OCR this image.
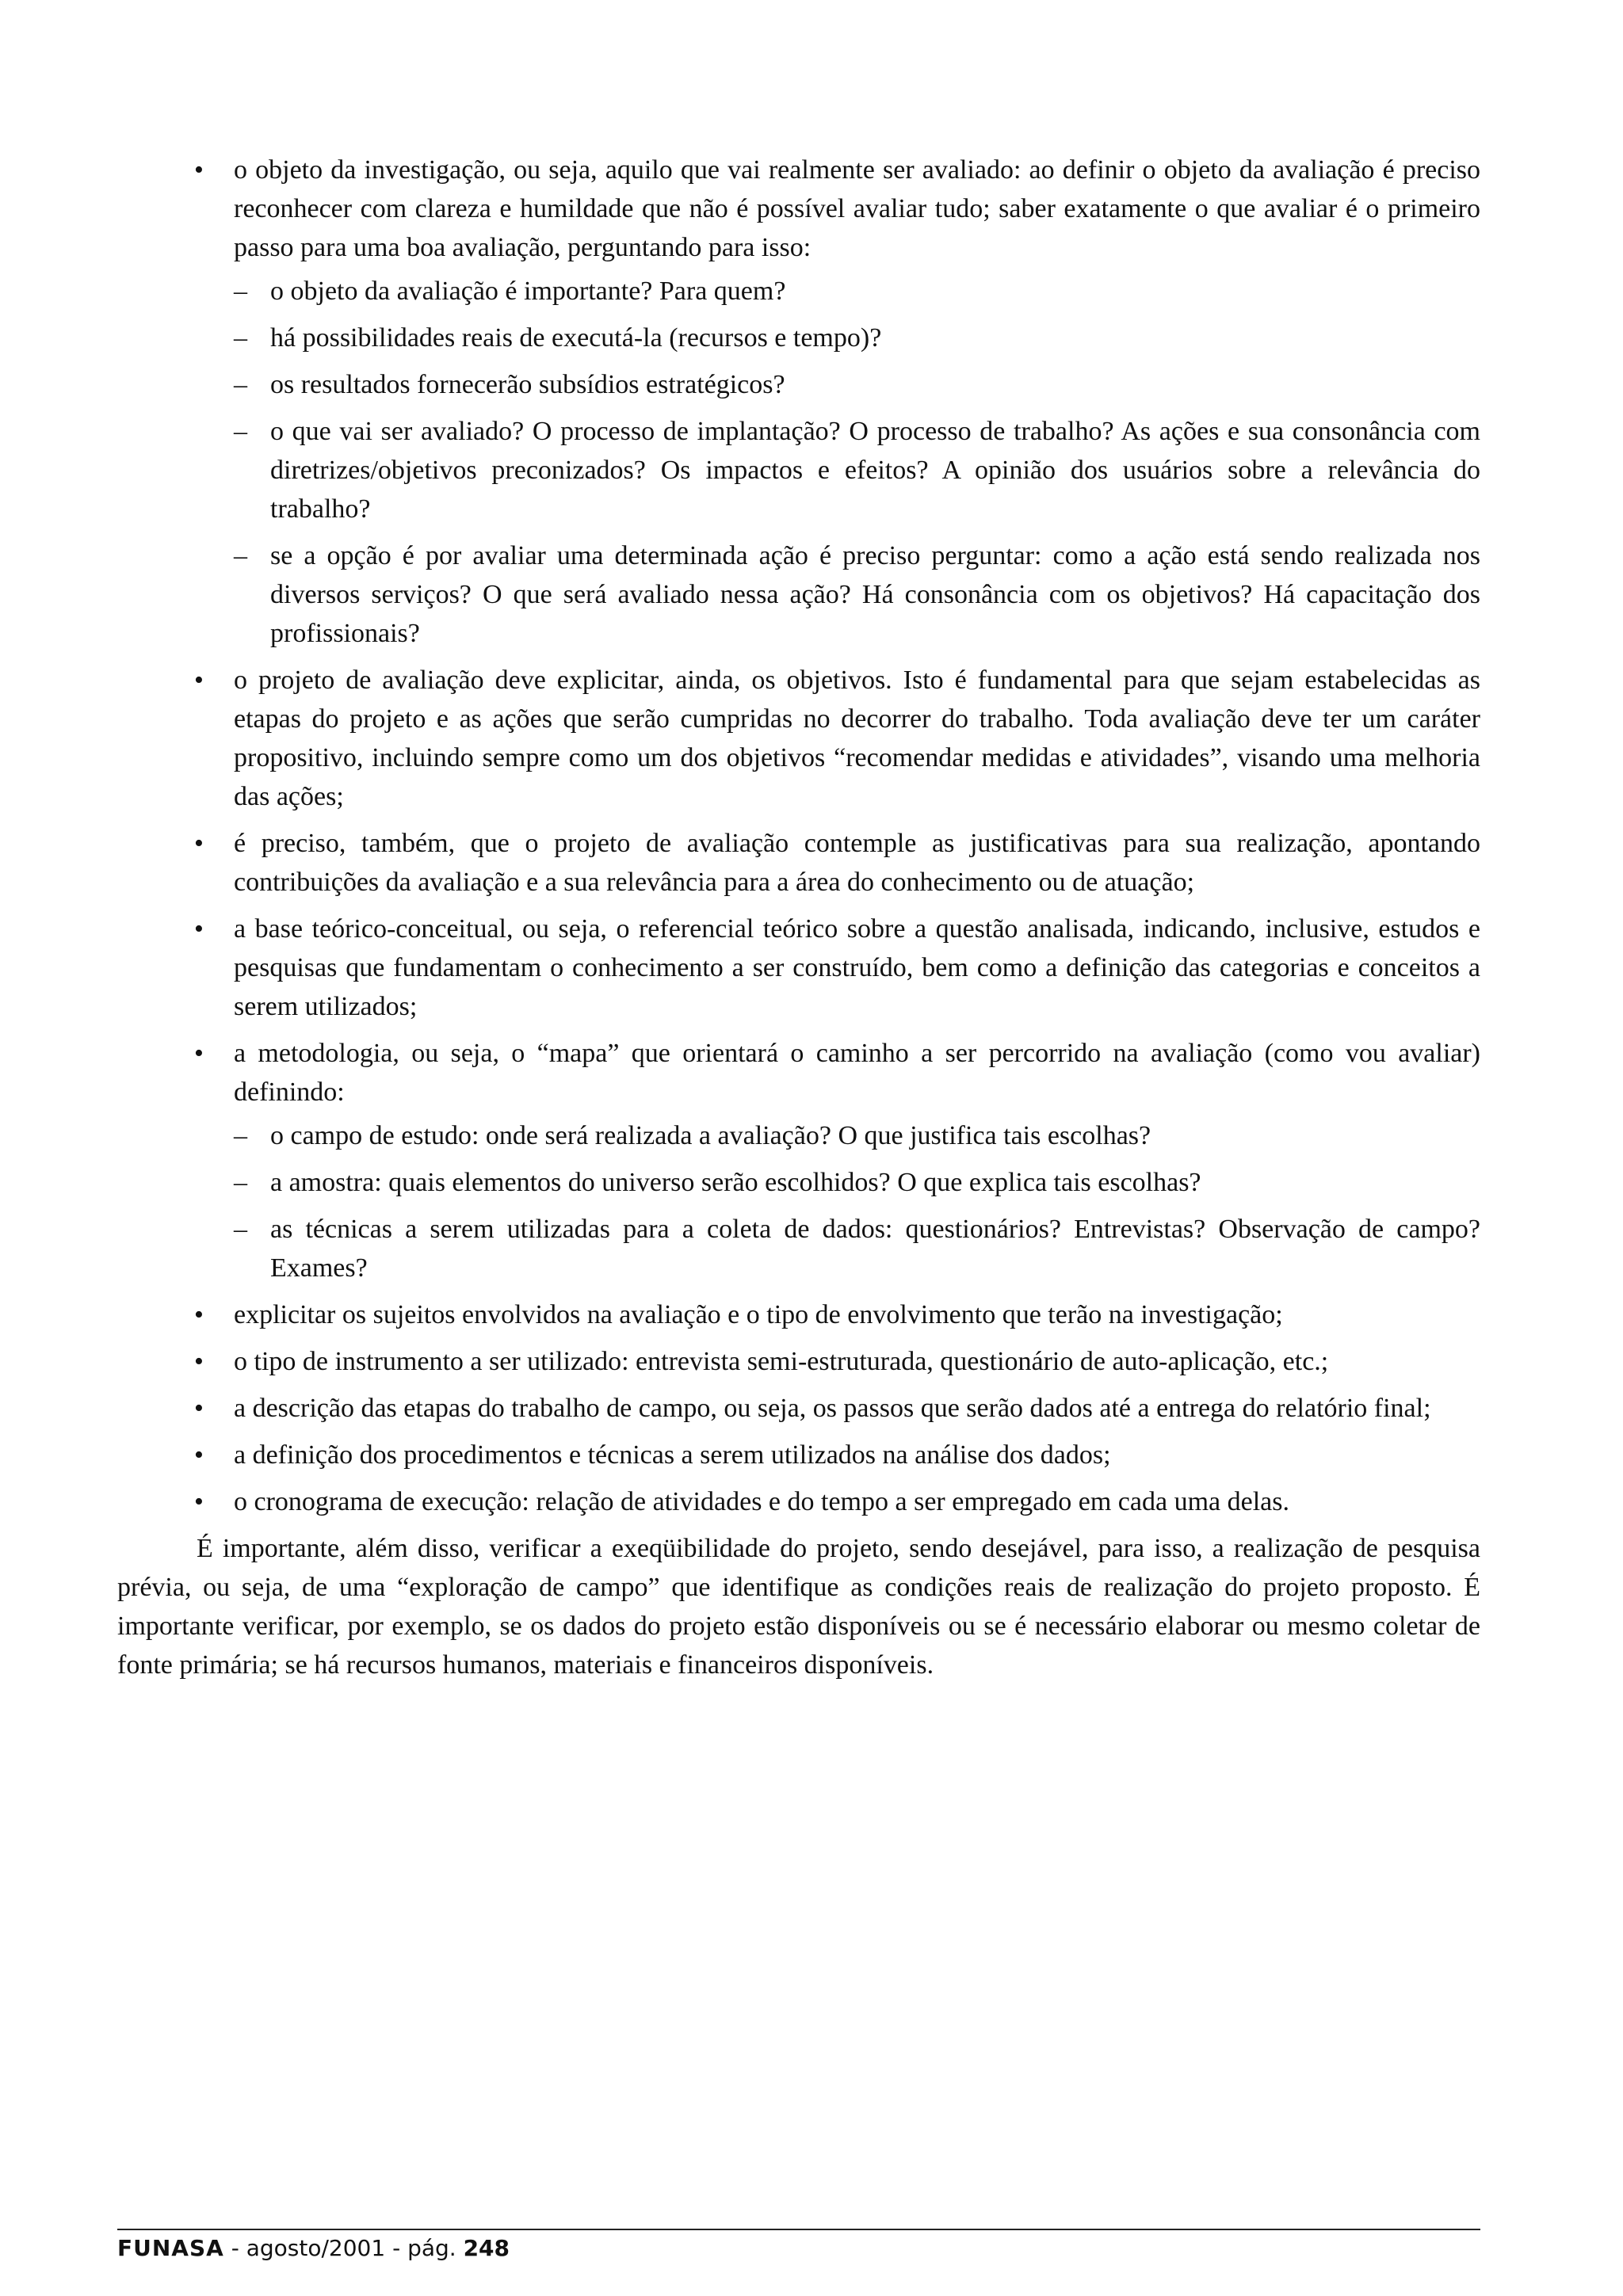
•	o objeto da investigação, ou seja, aquilo que vai realmente ser avaliado: ao definir o objeto da avaliação é preciso reconhecer com clareza e humildade que não é possível avaliar tudo; saber exatamente o que avaliar é o primeiro passo para uma boa avaliação, perguntando para isso:
– o objeto da avaliação é importante? Para quem?
– há possibilidades reais de executá-la (recursos e tempo)?
– os resultados fornecerão subsídios estratégicos?
– o que vai ser avaliado? O processo de implantação? O processo de trabalho? As ações e sua consonância com diretrizes/objetivos preconizados? Os impactos e efeitos? A opinião dos usuários sobre a relevância do trabalho?
– se a opção é por avaliar uma determinada ação é preciso perguntar: como a ação está sendo realizada nos diversos serviços? O que será avaliado nessa ação? Há consonância com os objetivos? Há capacitação dos profissionais?
•	o projeto de avaliação deve explicitar, ainda, os objetivos. Isto é fundamental para que sejam estabelecidas as etapas do projeto e as ações que serão cumpridas no decorrer do trabalho. Toda avaliação deve ter um caráter propositivo, incluindo sempre como um dos objetivos “recomendar medidas e atividades”, visando uma melhoria das ações;
•	é preciso, também, que o projeto de avaliação contemple as justificativas para sua realização, apontando contribuições da avaliação e a sua relevância para a área do conhecimento ou de atuação;
•	a base teórico-conceitual, ou seja, o referencial teórico sobre a questão analisada, indicando, inclusive, estudos e pesquisas que fundamentam o conhecimento a ser construído, bem como a definição das categorias e conceitos a serem utilizados;
•	a metodologia, ou seja, o “mapa” que orientará o caminho a ser percorrido na avaliação (como vou avaliar) definindo:
– o campo de estudo: onde será realizada a avaliação? O que justifica tais escolhas?
– a amostra: quais elementos do universo serão escolhidos? O que explica tais escolhas?
– as técnicas a serem utilizadas para a coleta de dados: questionários? Entrevistas? Observação de campo? Exames?
•	explicitar os sujeitos envolvidos na avaliação e o tipo de envolvimento que terão na investigação;
•	o tipo de instrumento a ser utilizado: entrevista semi-estruturada, questionário de auto-aplicação, etc.;
•	a descrição das etapas do trabalho de campo, ou seja, os passos que serão dados até a entrega do relatório final;
•	a definição dos procedimentos e técnicas a serem utilizados na análise dos dados;
•	o cronograma de execução: relação de atividades e do tempo a ser empregado em cada uma delas.

É importante, além disso, verificar a exeqüibilidade do projeto, sendo desejável, para isso, a realização de pesquisa prévia, ou seja, de uma “exploração de campo” que identifique as condições reais de realização do projeto proposto. É importante verificar, por exemplo, se os dados do projeto estão disponíveis ou se é necessário elaborar ou mesmo coletar de fonte primária; se há recursos humanos, materiais e financeiros disponíveis.

FUNASA - agosto/2001 - pág. 248
